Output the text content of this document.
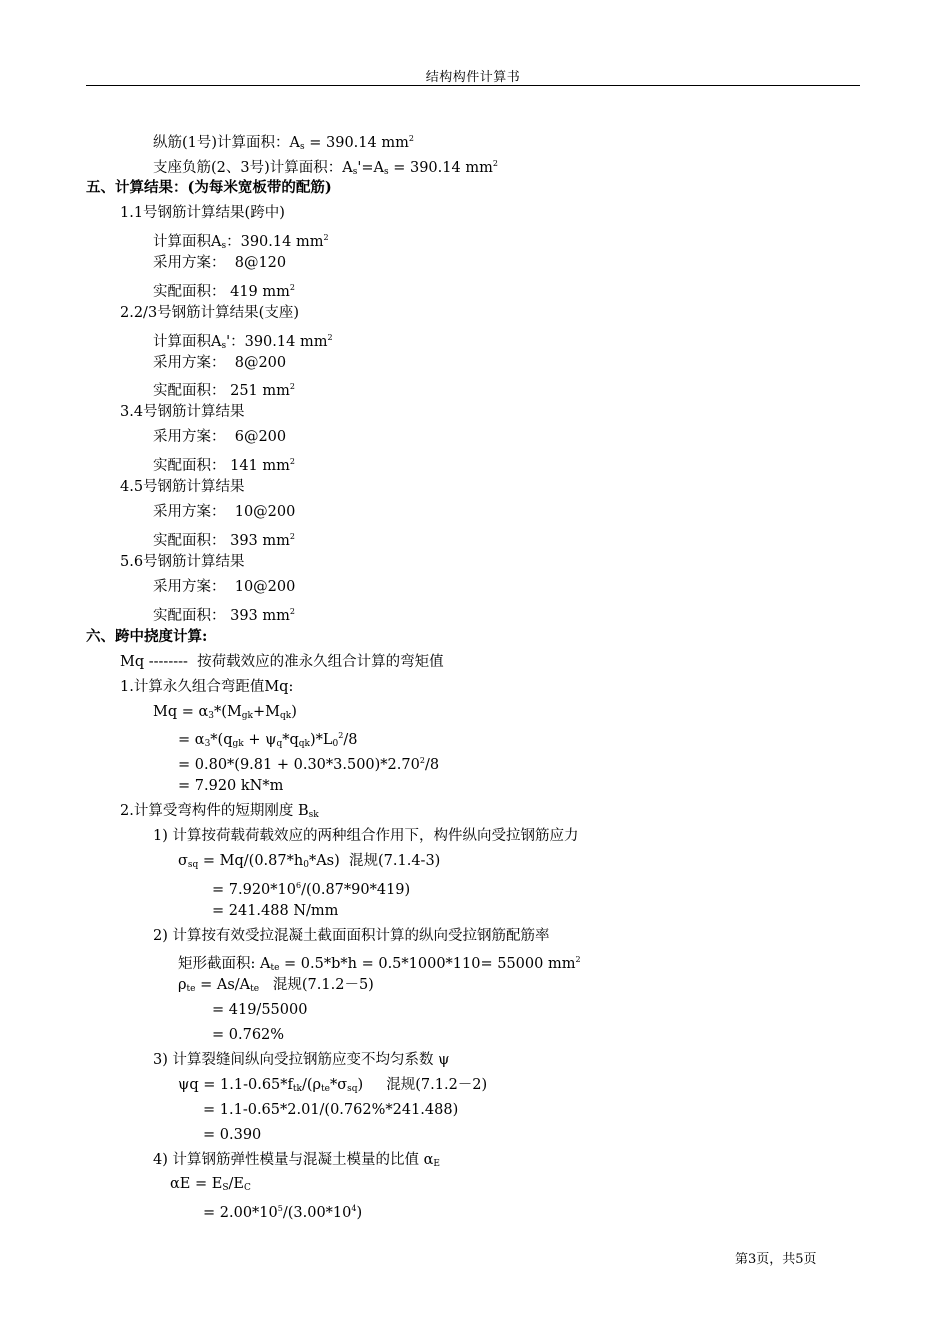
结构构件计算书
纵筋(1号)计算面积：$A_s = 390.14$ $mm^2$
支座负筋(2、3号)计算面积：$A_s'=A_s = 390.14$ $mm^2$
五、计算结果：(为每米宽板带的配筋)
1.1号钢筋计算结果(跨中)
计算面积$A_s$：390.14 $mm^2$
采用方案：  8@120
实配面积： 419 $mm^2$
2.2/3号钢筋计算结果(支座)
计算面积$A_s'$：390.14 $mm^2$
采用方案：  8@200
实配面积： 251 $mm^2$
3.4号钢筋计算结果
采用方案：  6@200
实配面积： 141 $mm^2$
4.5号钢筋计算结果
采用方案：  10@200
实配面积： 393 $mm^2$
5.6号钢筋计算结果
采用方案：  10@200
实配面积： 393 $mm^2$
六、跨中挠度计算:
Mq --------  按荷载效应的准永久组合计算的弯矩值
1.计算永久组合弯距值Mq:
$Mq = \alpha_3*(M_{gk}+M_{qk})$
= $\alpha_3*(q_{gk} + \psi_q*q_{qk})*L_0^2/8$
= $0.80*(9.81 + 0.30*3.500)*2.70^2/8$
= 7.920 kN*m
2.计算受弯构件的短期刚度 $B_{sk}$
1) 计算按荷载荷载效应的两种组合作用下，构件纵向受拉钢筋应力
$\sigma_{sq} = Mq/(0.87*h_0*As)$  混规(7.1.4-3)
= $7.920*10^6/(0.87*90*419)$
= 241.488 N/mm
2) 计算按有效受拉混凝土截面面积计算的纵向受拉钢筋配筋率
矩形截面积: $A_{te} = 0.5*b*h = 0.5*1000*110= 55000$ $mm^2$
$\rho_{te} = As/A_{te}$   混规(7.1.2－5)
= 419/55000
= 0.762%
3) 计算裂缝间纵向受拉钢筋应变不均匀系数 ψ
$\psi q = 1.1-0.65*f_{tk}/(\rho_{te}*\sigma_{sq})$     混规(7.1.2－2)
= 1.1-0.65*2.01/(0.762%*241.488)
= 0.390
4) 计算钢筋弹性模量与混凝土模量的比值 $\alpha_E$
$\alpha E = E_S/E_C$
= $2.00*10^5/(3.00*10^4)$
第3页，共5页
